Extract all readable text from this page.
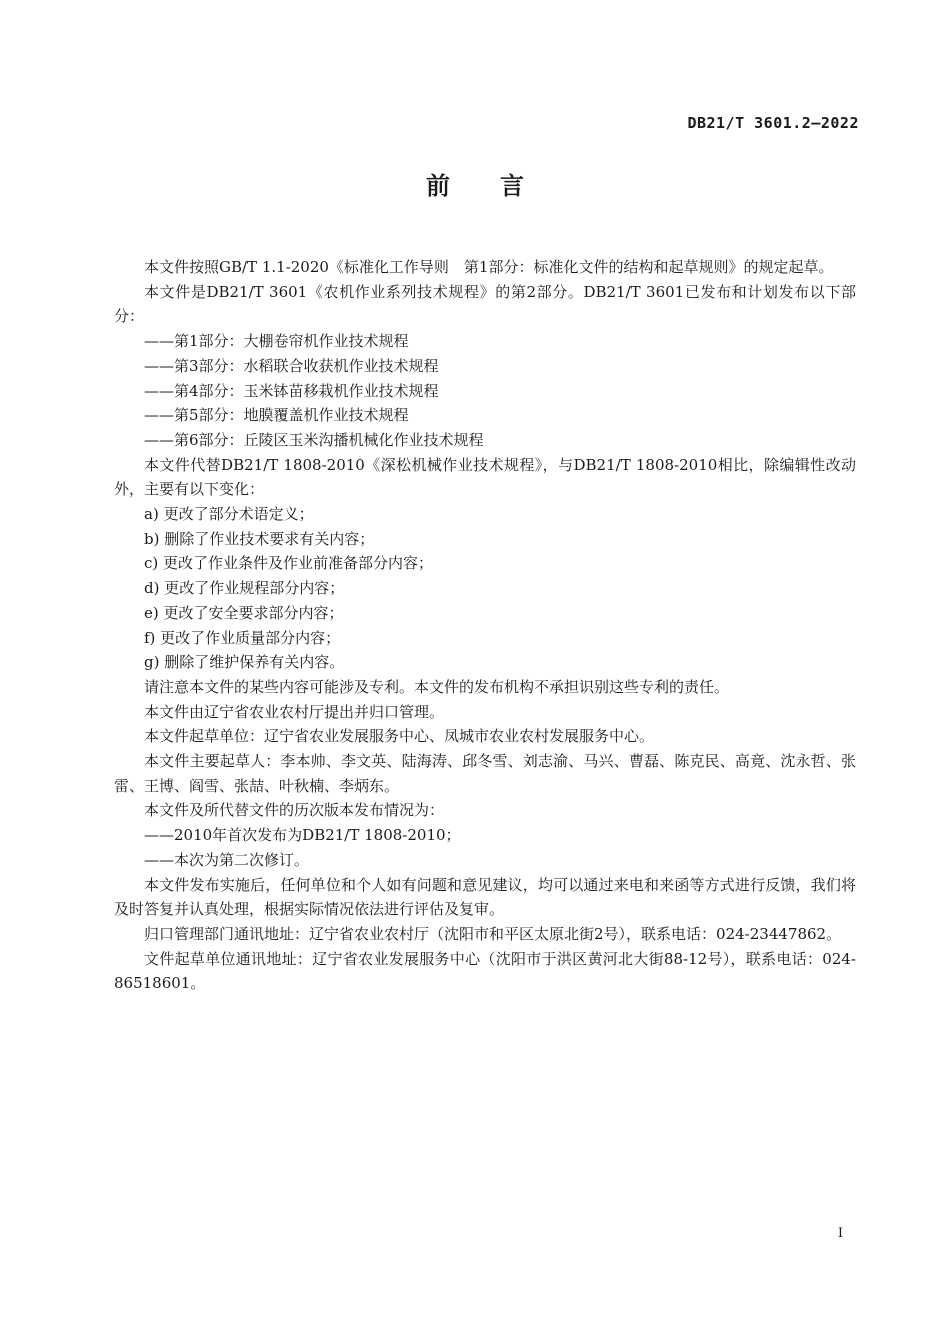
DB21/T 3601.2—2022
前言

本文件按照GB/T 1.1-2020《标准化工作导则　第1部分：标准化文件的结构和起草规则》的规定起草。

本文件是DB21/T 3601《农机作业系列技术规程》的第2部分。DB21/T 3601已发布和计划发布以下部分：

——第1部分：大棚卷帘机作业技术规程

——第3部分：水稻联合收获机作业技术规程

——第4部分：玉米钵苗移栽机作业技术规程

——第5部分：地膜覆盖机作业技术规程

——第6部分：丘陵区玉米沟播机械化作业技术规程

本文件代替DB21/T 1808-2010《深松机械作业技术规程》，与DB21/T 1808-2010相比，除编辑性改动外，主要有以下变化：

a) 更改了部分术语定义；

b) 删除了作业技术要求有关内容；

c) 更改了作业条件及作业前准备部分内容；

d) 更改了作业规程部分内容；

e) 更改了安全要求部分内容；

f) 更改了作业质量部分内容；

g) 删除了维护保养有关内容。

请注意本文件的某些内容可能涉及专利。本文件的发布机构不承担识别这些专利的责任。

本文件由辽宁省农业农村厅提出并归口管理。

本文件起草单位：辽宁省农业发展服务中心、凤城市农业农村发展服务中心。

本文件主要起草人：李本帅、李文英、陆海涛、邱冬雪、刘志渝、马兴、曹磊、陈克民、高竟、沈永哲、张雷、王博、阎雪、张喆、叶秋楠、李炳东。

本文件及所代替文件的历次版本发布情况为：

——2010年首次发布为DB21/T 1808-2010；

——本次为第二次修订。

本文件发布实施后，任何单位和个人如有问题和意见建议，均可以通过来电和来函等方式进行反馈，我们将及时答复并认真处理，根据实际情况依法进行评估及复审。

归口管理部门通讯地址：辽宁省农业农村厅（沈阳市和平区太原北街2号），联系电话：024-23447862。

文件起草单位通讯地址：辽宁省农业发展服务中心（沈阳市于洪区黄河北大街88-12号），联系电话：024-86518601。

I
